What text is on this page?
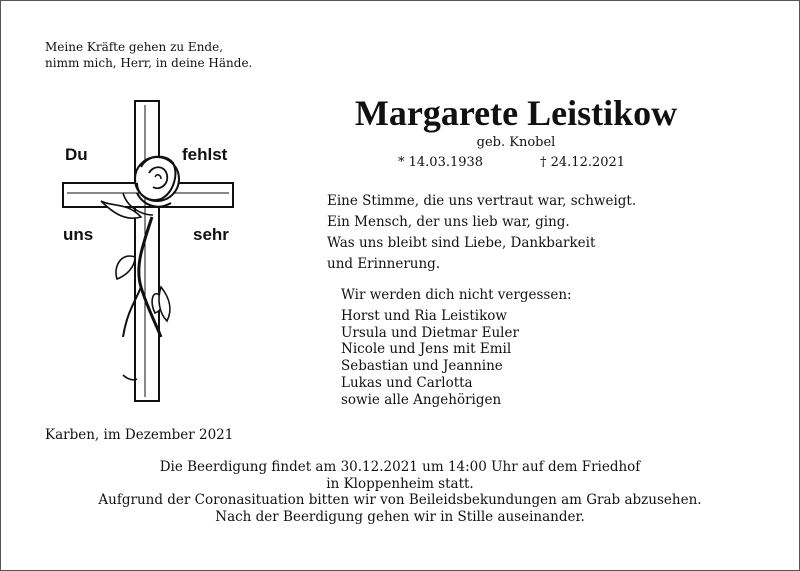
Meine Kräfte gehen zu Ende,
nimm mich, Herr, in deine Hände.
Du	fehlst
uns	sehr
Margarete Leistikow
geb. Knobel
* 14.03.1938	† 24.12.2021
Eine Stimme, die uns vertraut war, schweigt.
Ein Mensch, der uns lieb war, ging.
Was uns bleibt sind Liebe, Dankbarkeit
und Erinnerung.
Wir werden dich nicht vergessen:
Horst und Ria Leistikow
Ursula und Dietmar Euler
Nicole und Jens mit Emil
Sebastian und Jeannine
Lukas und Carlotta
sowie alle Angehörigen
Karben, im Dezember 2021
Die Beerdigung findet am 30.12.2021 um 14:00 Uhr auf dem Friedhof
in Kloppenheim statt.
Aufgrund der Coronasituation bitten wir von Beileidsbekundungen am Grab abzusehen.
Nach der Beerdigung gehen wir in Stille auseinander.
